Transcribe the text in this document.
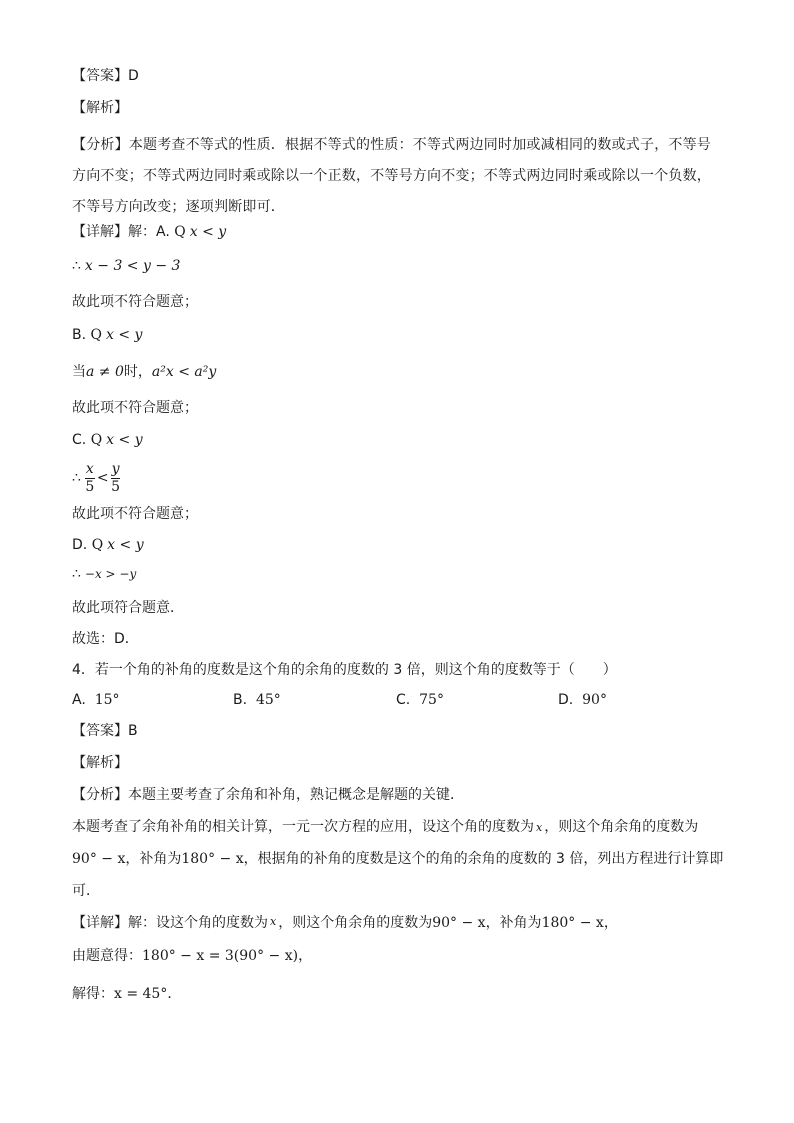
【答案】D
【解析】
【分析】本题考查不等式的性质．根据不等式的性质：不等式两边同时加或减相同的数或式子，不等号方向不变；不等式两边同时乘或除以一个正数，不等号方向不变；不等式两边同时乘或除以一个负数，不等号方向改变；逐项判断即可．
【详解】解：A. Q x < y
∴ x − 3 < y − 3
故此项不符合题意；
B. Q x < y
当a ≠ 0时，a²x < a²y
故此项不符合题意；
C. Q x < y
∴ $\frac{x}{5} < \frac{y}{5}$
故此项不符合题意；
D. Q x < y
∴ −x > −y
故此项符合题意．
故选：D．
4．若一个角的补角的度数是这个角的余角的度数的 3 倍，则这个角的度数等于（　　）
A. 15°	B. 45°	C. 75°	D. 90°
【答案】B
【解析】
【分析】本题主要考查了余角和补角，熟记概念是解题的关键．
本题考查了余角补角的相关计算，一元一次方程的应用，设这个角的度数为 x ，则这个角余角的度数为
90° − x，补角为180° − x，根据角的补角的度数是这个的角的余角的度数的 3 倍，列出方程进行计算即
可．
【详解】解：设这个角的度数为 x ，则这个角余角的度数为90° − x，补角为180° − x，
由题意得：180° − x = 3(90° − x)，
解得：x = 45°．
